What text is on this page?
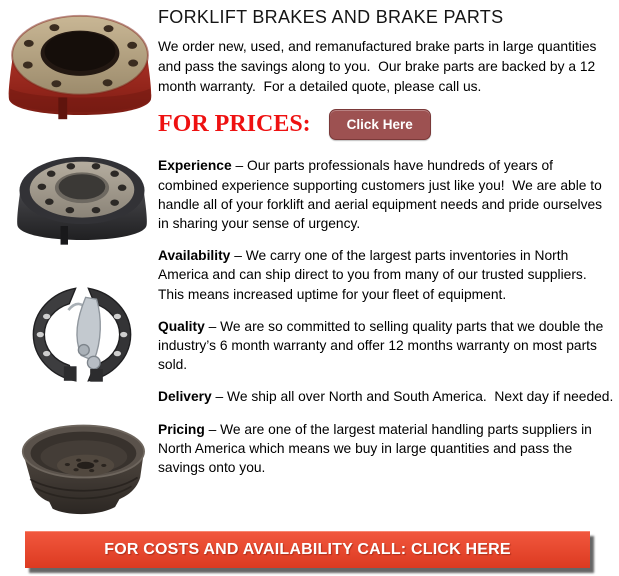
FORKLIFT BRAKES AND BRAKE PARTS

We order new, used, and remanufactured brake parts in large quantities and pass the savings along to you.  Our brake parts are backed by a 12 month warranty.  For a detailed quote, please call us.

FOR PRICES:	Click Here

Experience – Our parts professionals have hundreds of years of combined experience supporting customers just like you!  We are able to handle all of your forklift and aerial equipment needs and pride ourselves in sharing your sense of urgency.

Availability – We carry one of the largest parts inventories in North America and can ship direct to you from many of our trusted suppliers. This means increased uptime for your fleet of equipment.

Quality – We are so committed to selling quality parts that we double the industry’s 6 month warranty and offer 12 months warranty on most parts sold.

Delivery – We ship all over North and South America.  Next day if needed.

Pricing – We are one of the largest material handling parts suppliers in North America which means we buy in large quantities and pass the savings onto you.

FOR COSTS AND AVAILABILITY CALL: CLICK HERE
